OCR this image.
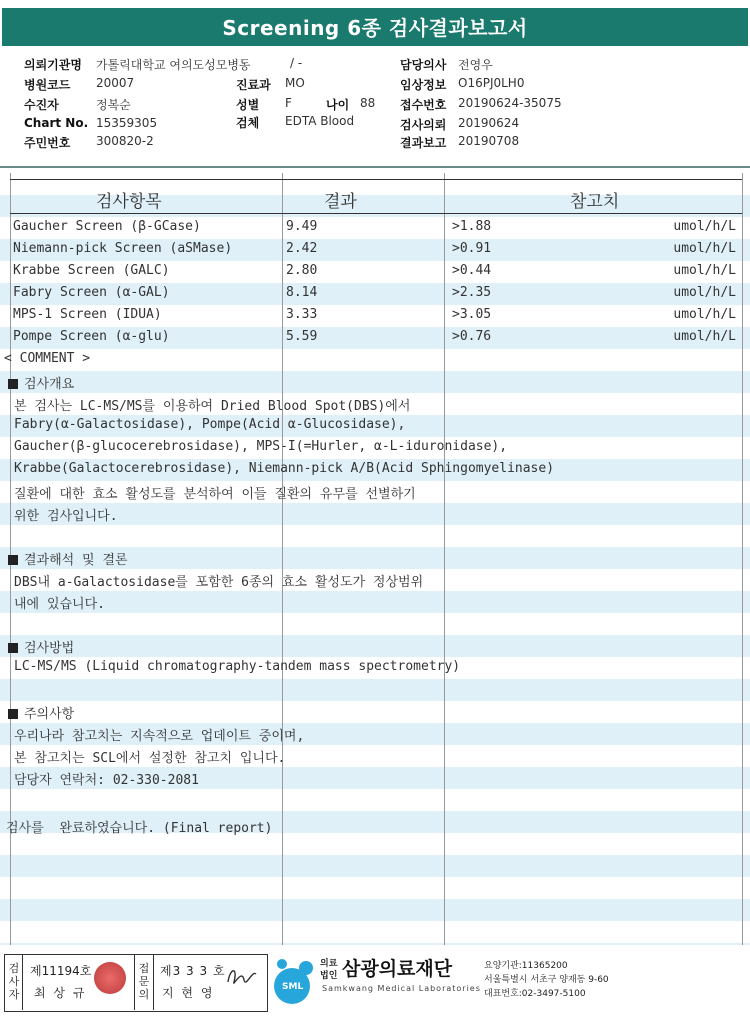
Screening 6종 검사결과보고서
의뢰기관명 가톨릭대학교 여의도성모병동	/ -	담당의사 전영우
병원코드 20007	진료과 MO	임상정보 O16PJ0LH0
수진자	정복순	성별 F	나이 88 접수번호 20190624-35075
Chart No. 15359305	검체 EDTA Blood	검사의뢰 20190624
주민번호 300820-2	결과보고 20190708
검사항목	결과	참고치
Gaucher Screen (β-GCase)	9.49	>1.88	umol/h/L
Niemann-pick Screen (aSMase)	2.42	>0.91	umol/h/L
Krabbe Screen (GALC)	2.80	>0.44	umol/h/L
Fabry Screen (α-GAL)	8.14	>2.35	umol/h/L
MPS-1 Screen (IDUA)	3.33	>3.05	umol/h/L
Pompe Screen (α-glu)	5.59	>0.76	umol/h/L
< COMMENT >
검사개요
본 검사는 LC-MS/MS를 이용하여 Dried Blood Spot(DBS)에서
Fabry(α-Galactosidase), Pompe(Acid α-Glucosidase),
Gaucher(β-glucocerebrosidase), MPS-I(=Hurler, α-L-iduronidase),
Krabbe(Galactocerebrosidase), Niemann-pick A/B(Acid Sphingomyelinase)
질환에 대한 효소 활성도를 분석하여 이들 질환의 유무를 선별하기
위한 검사입니다.
결과해석 및 결론
DBS내 a-Galactosidase를 포함한 6종의 효소 활성도가 정상범위
내에 있습니다.
검사방법
LC-MS/MS (Liquid chromatography-tandem mass spectrometry)
주의사항
우리나라 참고치는 지속적으로 업데이트 중이며,
본 참고치는 SCL에서 설정한 참고치 입니다.
담당자 연락처: 02-330-2081
검사를  완료하였습니다. (Final report)
검사자
제11194호
최 상 규
접문의
제3 3 3 호
지 현 영	SML
의료
법인 삼광의료재단
Samkwang Medical Laboratories
요양기관:11365200
서울특별시 서초구 양재동 9-60
대표번호:02-3497-5100
